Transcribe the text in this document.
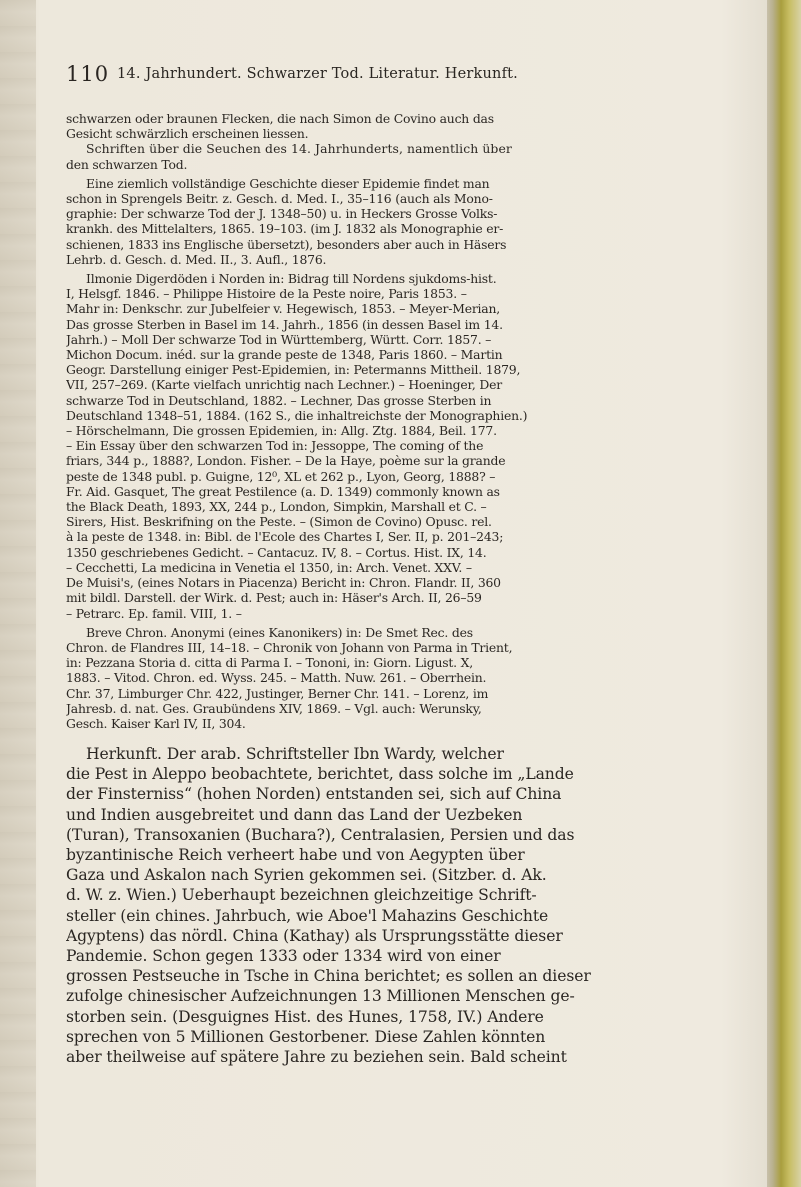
110 14. Jahrhundert. Schwarzer Tod. Literatur. Herkunft.
schwarzen oder braunen Flecken, die nach Simon de Covino auch das
Gesicht schwärzlich erscheinen liessen.
Schriften über die Seuchen des 14. Jahrhunderts, namentlich über
den schwarzen Tod.
Eine ziemlich vollständige Geschichte dieser Epidemie findet man
schon in Sprengels Beitr. z. Gesch. d. Med. I., 35–116 (auch als Mono-
graphie: Der schwarze Tod der J. 1348–50) u. in Heckers Grosse Volks-
krankh. des Mittelalters, 1865. 19–103. (im J. 1832 als Monographie er-
schienen, 1833 ins Englische übersetzt), besonders aber auch in Häsers
Lehrb. d. Gesch. d. Med. II., 3. Aufl., 1876.
Ilmonie Digerdöden i Norden in: Bidrag till Nordens sjukdoms-hist.
I, Helsgf. 1846. – Philippe Histoire de la Peste noire, Paris 1853. –
Mahr in: Denkschr. zur Jubelfeier v. Hegewisch, 1853. – Meyer-Merian,
Das grosse Sterben in Basel im 14. Jahrh., 1856 (in dessen Basel im 14.
Jahrh.) – Moll Der schwarze Tod in Württemberg, Württ. Corr. 1857. –
Michon Docum. inéd. sur la grande peste de 1348, Paris 1860. – Martin
Geogr. Darstellung einiger Pest-Epidemien, in: Petermanns Mittheil. 1879,
VII, 257–269. (Karte vielfach unrichtig nach Lechner.) – Hoeninger, Der
schwarze Tod in Deutschland, 1882. – Lechner, Das grosse Sterben in
Deutschland 1348–51, 1884. (162 S., die inhaltreichste der Monographien.)
– Hörschelmann, Die grossen Epidemien, in: Allg. Ztg. 1884, Beil. 177.
– Ein Essay über den schwarzen Tod in: Jessoppe, The coming of the
friars, 344 p., 1888?, London. Fisher. – De la Haye, poème sur la grande
peste de 1348 publ. p. Guigne, 12⁰, XL et 262 p., Lyon, Georg, 1888? –
Fr. Aid. Gasquet, The great Pestilence (a. D. 1349) commonly known as
the Black Death, 1893, XX, 244 p., London, Simpkin, Marshall et C. –
Sirers, Hist. Beskrifning on the Peste. – (Simon de Covino) Opusc. rel.
à la peste de 1348. in: Bibl. de l'Ecole des Chartes I, Ser. II, p. 201–243;
1350 geschriebenes Gedicht. – Cantacuz. IV, 8. – Cortus. Hist. IX, 14.
– Cecchetti, La medicina in Venetia el 1350, in: Arch. Venet. XXV. –
De Muisi's, (eines Notars in Piacenza) Bericht in: Chron. Flandr. II, 360
mit bildl. Darstell. der Wirk. d. Pest; auch in: Häser's Arch. II, 26–59
– Petrarc. Ep. famil. VIII, 1. –
Breve Chron. Anonymi (eines Kanonikers) in: De Smet Rec. des
Chron. de Flandres III, 14–18. – Chronik von Johann von Parma in Trient,
in: Pezzana Storia d. citta di Parma I. – Tononi, in: Giorn. Ligust. X,
1883. – Vitod. Chron. ed. Wyss. 245. – Matth. Nuw. 261. – Oberrhein.
Chr. 37, Limburger Chr. 422, Justinger, Berner Chr. 141. – Lorenz, im
Jahresb. d. nat. Ges. Graubündens XIV, 1869. – Vgl. auch: Werunsky,
Gesch. Kaiser Karl IV, II, 304.
Herkunft. Der arab. Schriftsteller Ibn Wardy, welcher
die Pest in Aleppo beobachtete, berichtet, dass solche im „Lande
der Finsterniss“ (hohen Norden) entstanden sei, sich auf China
und Indien ausgebreitet und dann das Land der Uezbeken
(Turan), Transoxanien (Buchara?), Centralasien, Persien und das
byzantinische Reich verheert habe und von Aegypten über
Gaza und Askalon nach Syrien gekommen sei. (Sitzber. d. Ak.
d. W. z. Wien.) Ueberhaupt bezeichnen gleichzeitige Schrift-
steller (ein chines. Jahrbuch, wie Aboe'l Mahazins Geschichte
Agyptens) das nördl. China (Kathay) als Ursprungsstätte dieser
Pandemie. Schon gegen 1333 oder 1334 wird von einer
grossen Pestseuche in Tsche in China berichtet; es sollen an dieser
zufolge chinesischer Aufzeichnungen 13 Millionen Menschen ge-
storben sein. (Desguignes Hist. des Hunes, 1758, IV.) Andere
sprechen von 5 Millionen Gestorbener. Diese Zahlen könnten
aber theilweise auf spätere Jahre zu beziehen sein. Bald scheint
